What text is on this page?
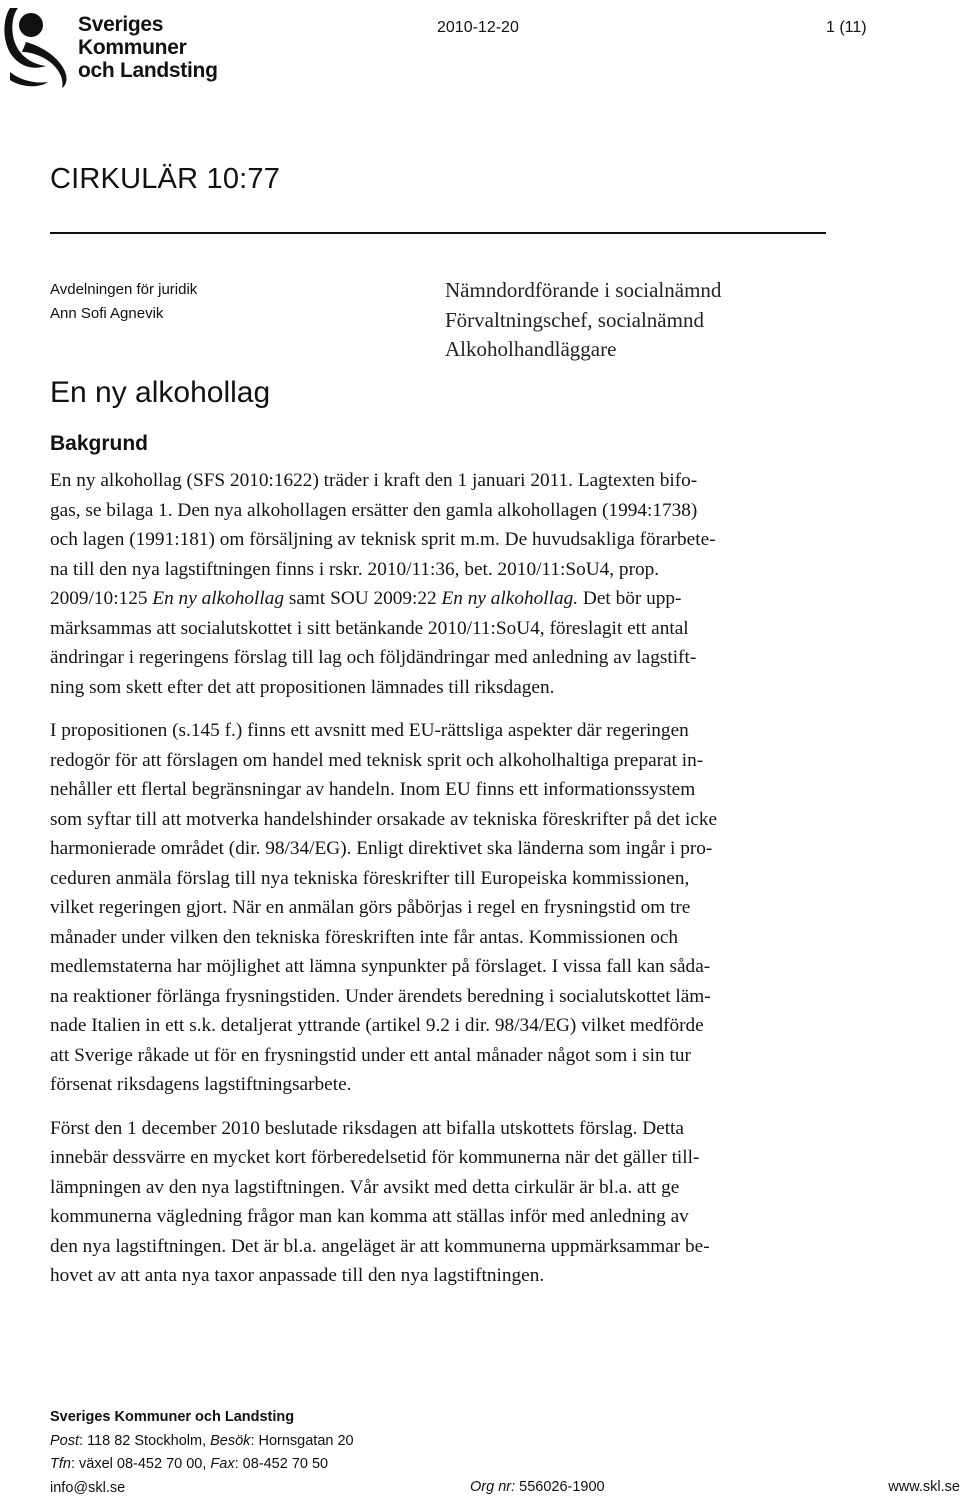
Sveriges
Kommuner
och Landsting
2010-12-20	1 (11)
CIRKULÄR 10:77
Avdelningen för juridik
Ann Sofi Agnevik
Nämndordförande i socialnämnd
Förvaltningschef, socialnämnd
Alkoholhandläggare
En ny alkohollag
Bakgrund

En ny alkohollag (SFS 2010:1622) träder i kraft den 1 januari 2011. Lagtexten bifo-
gas, se bilaga 1. Den nya alkohollagen ersätter den gamla alkohollagen (1994:1738)
och lagen (1991:181) om försäljning av teknisk sprit m.m. De huvudsakliga förarbete-
na till den nya lagstiftningen finns i rskr. 2010/11:36, bet. 2010/11:SoU4, prop.
2009/10:125 En ny alkohollag samt SOU 2009:22 En ny alkohollag. Det bör upp-
märksammas att socialutskottet i sitt betänkande 2010/11:SoU4, föreslagit ett antal
ändringar i regeringens förslag till lag och följdändringar med anledning av lagstift-
ning som skett efter det att propositionen lämnades till riksdagen.

I propositionen (s.145 f.) finns ett avsnitt med EU-rättsliga aspekter där regeringen
redogör för att förslagen om handel med teknisk sprit och alkoholhaltiga preparat in-
nehåller ett flertal begränsningar av handeln. Inom EU finns ett informationssystem
som syftar till att motverka handelshinder orsakade av tekniska föreskrifter på det icke
harmonierade området (dir. 98/34/EG). Enligt direktivet ska länderna som ingår i pro-
ceduren anmäla förslag till nya tekniska föreskrifter till Europeiska kommissionen,
vilket regeringen gjort. När en anmälan görs påbörjas i regel en frysningstid om tre
månader under vilken den tekniska föreskriften inte får antas. Kommissionen och
medlemstaterna har möjlighet att lämna synpunkter på förslaget. I vissa fall kan såda-
na reaktioner förlänga frysningstiden. Under ärendets beredning i socialutskottet läm-
nade Italien in ett s.k. detaljerat yttrande (artikel 9.2 i dir. 98/34/EG) vilket medförde
att Sverige råkade ut för en frysningstid under ett antal månader något som i sin tur
försenat riksdagens lagstiftningsarbete.

Först den 1 december 2010 beslutade riksdagen att bifalla utskottets förslag. Detta
innebär dessvärre en mycket kort förberedelsetid för kommunerna när det gäller till-
lämpningen av den nya lagstiftningen. Vår avsikt med detta cirkulär är bl.a. att ge
kommunerna vägledning frågor man kan komma att ställas inför med anledning av
den nya lagstiftningen. Det är bl.a. angeläget är att kommunerna uppmärksammar be-
hovet av att anta nya taxor anpassade till den nya lagstiftningen.

Sveriges Kommuner och Landsting
Post: 118 82 Stockholm, Besök: Hornsgatan 20
Tfn: växel 08-452 70 00, Fax: 08-452 70 50
info@skl.se	Org nr: 556026-1900	www.skl.se
